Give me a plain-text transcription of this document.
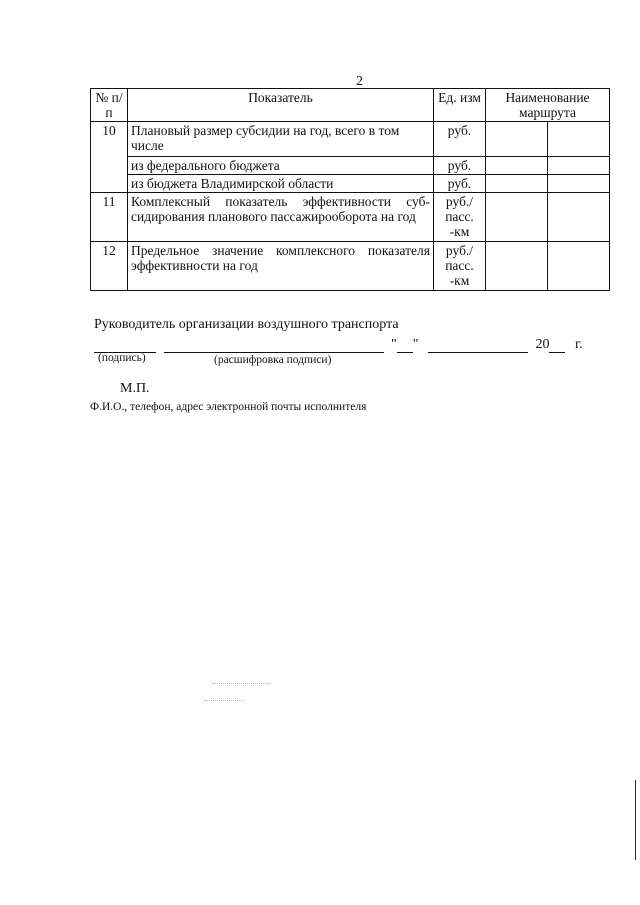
2
№ п/п	Показатель	Ед. изм	Наименование маршрута	
10	Плановый размер субсидии на год, всего в том числе	руб.		
	из федерального бюджета	руб.		
	из бюджета Владимирской области	руб.		
11	Комплексный показатель эффективности суб-сидирования планового пассажирооборота на год	руб./ пасс. -км		
12	Предельное значение комплексного показателя эффективности на год	руб./ пасс. -км		
Руководитель организации воздушного транспорта
" "	20 г.
(подпись)	(расшифровка подписи)
М.П.
Ф.И.О., телефон, адрес электронной почты исполнителя
